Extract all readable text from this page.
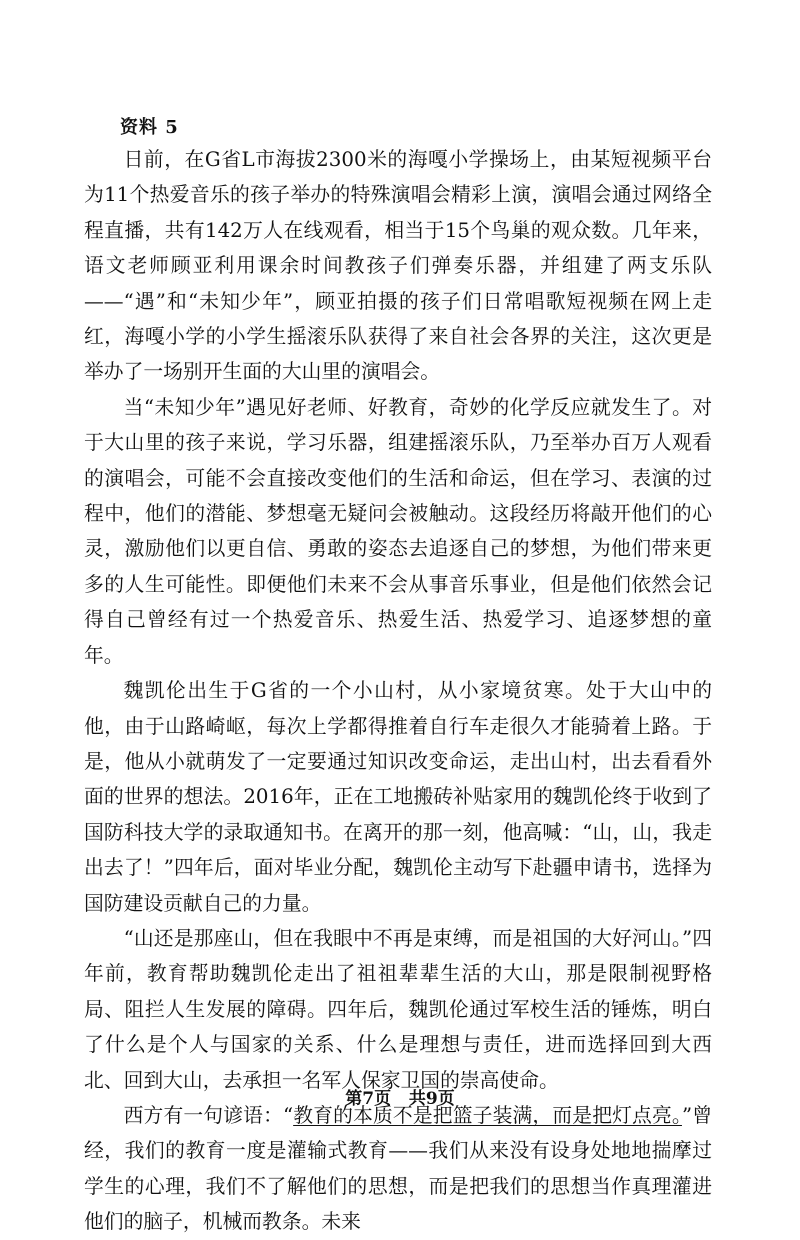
资料 5

日前，在G省L市海拔2300米的海嘎小学操场上，由某短视频平台为11个热爱音乐的孩子举办的特殊演唱会精彩上演，演唱会通过网络全程直播，共有142万人在线观看，相当于15个鸟巢的观众数。几年来，语文老师顾亚利用课余时间教孩子们弹奏乐器，并组建了两支乐队——“遇”和“未知少年”，顾亚拍摄的孩子们日常唱歌短视频在网上走红，海嘎小学的小学生摇滚乐队获得了来自社会各界的关注，这次更是举办了一场别开生面的大山里的演唱会。

当“未知少年”遇见好老师、好教育，奇妙的化学反应就发生了。对于大山里的孩子来说，学习乐器，组建摇滚乐队，乃至举办百万人观看的演唱会，可能不会直接改变他们的生活和命运，但在学习、表演的过程中，他们的潜能、梦想毫无疑问会被触动。这段经历将敲开他们的心灵，激励他们以更自信、勇敢的姿态去追逐自己的梦想，为他们带来更多的人生可能性。即便他们未来不会从事音乐事业，但是他们依然会记得自己曾经有过一个热爱音乐、热爱生活、热爱学习、追逐梦想的童年。

魏凯伦出生于G省的一个小山村，从小家境贫寒。处于大山中的他，由于山路崎岖，每次上学都得推着自行车走很久才能骑着上路。于是，他从小就萌发了一定要通过知识改变命运，走出山村，出去看看外面的世界的想法。2016年，正在工地搬砖补贴家用的魏凯伦终于收到了国防科技大学的录取通知书。在离开的那一刻，他高喊：“山，山，我走出去了！”四年后，面对毕业分配，魏凯伦主动写下赴疆申请书，选择为国防建设贡献自己的力量。

“山还是那座山，但在我眼中不再是束缚，而是祖国的大好河山。”四年前，教育帮助魏凯伦走出了祖祖辈辈生活的大山，那是限制视野格局、阻拦人生发展的障碍。四年后，魏凯伦通过军校生活的锤炼，明白了什么是个人与国家的关系、什么是理想与责任，进而选择回到大西北、回到大山，去承担一名军人保家卫国的崇高使命。

西方有一句谚语：“教育的本质不是把篮子装满，而是把灯点亮。”曾经，我们的教育一度是灌输式教育——我们从来没有设身处地地揣摩过学生的心理，我们不了解他们的思想，而是把我们的思想当作真理灌进他们的脑子，机械而教条。未来

第7页   共9页
